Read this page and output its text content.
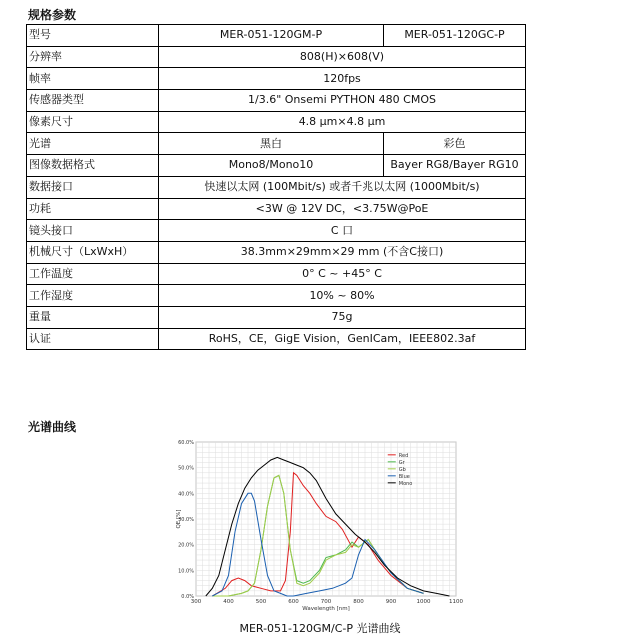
规格参数
型号	MER-051-120GM-P	MER-051-120GC-P
分辨率	808(H)×608(V)	
帧率	120fps	
传感器类型	1/3.6" Onsemi PYTHON 480 CMOS	
像素尺寸	4.8 μm×4.8 μm	
光谱	黑白	彩色
图像数据格式	Mono8/Mono10	Bayer RG8/Bayer RG10
数据接口	快速以太网 (100Mbit/s) 或者千兆以太网 (1000Mbit/s)	
功耗	<3W @ 12V DC，<3.75W@PoE	
镜头接口	C 口	
机械尺寸（LxWxH）	38.3mm×29mm×29 mm (不含C接口)	
工作温度	0° C ~ +45° C	
工作湿度	10% ~ 80%	
重量	75g	
认证	RoHS，CE，GigE Vision，GenICam，IEEE802.3af	
光谱曲线
0.0%
10.0%
20.0%
30.0%
40.0%
50.0%
60.0%
300	400	500	600	700	800	900	1000	1100
Wavelength [nm]
QE [%]
Red
Gr
Gb
Blue
Mono
MER-051-120GM/C-P 光谱曲线
